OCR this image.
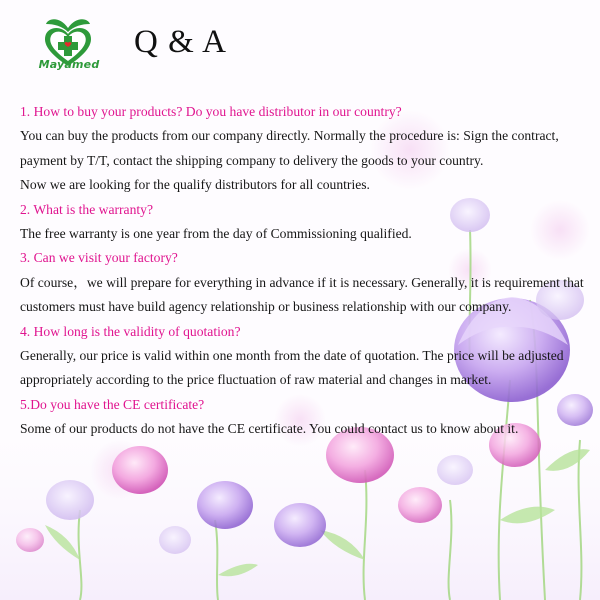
Mayamed
Q & A
1. How to buy your products? Do you have distributor in our country?
You can buy the products from our company directly. Normally the procedure is: Sign the contract, payment by T/T, contact the shipping company to delivery the goods to your country.
Now we are looking for the qualify distributors for all countries.
2. What is the warranty?
The free warranty is one year from the day of Commissioning qualified.
3. Can we visit your factory?
Of course，we will prepare for everything in advance if it is necessary. Generally, it is requirement that customers must have build agency relationship or business relationship with our company.
4. How long is the validity of quotation?
Generally, our price is valid within one month from the date of quotation. The price will be adjusted appropriately according to the price fluctuation of raw material and changes in market.
5.Do you have the CE certificate?
Some of our products do not have the CE certificate. You could contact us to know about it.
